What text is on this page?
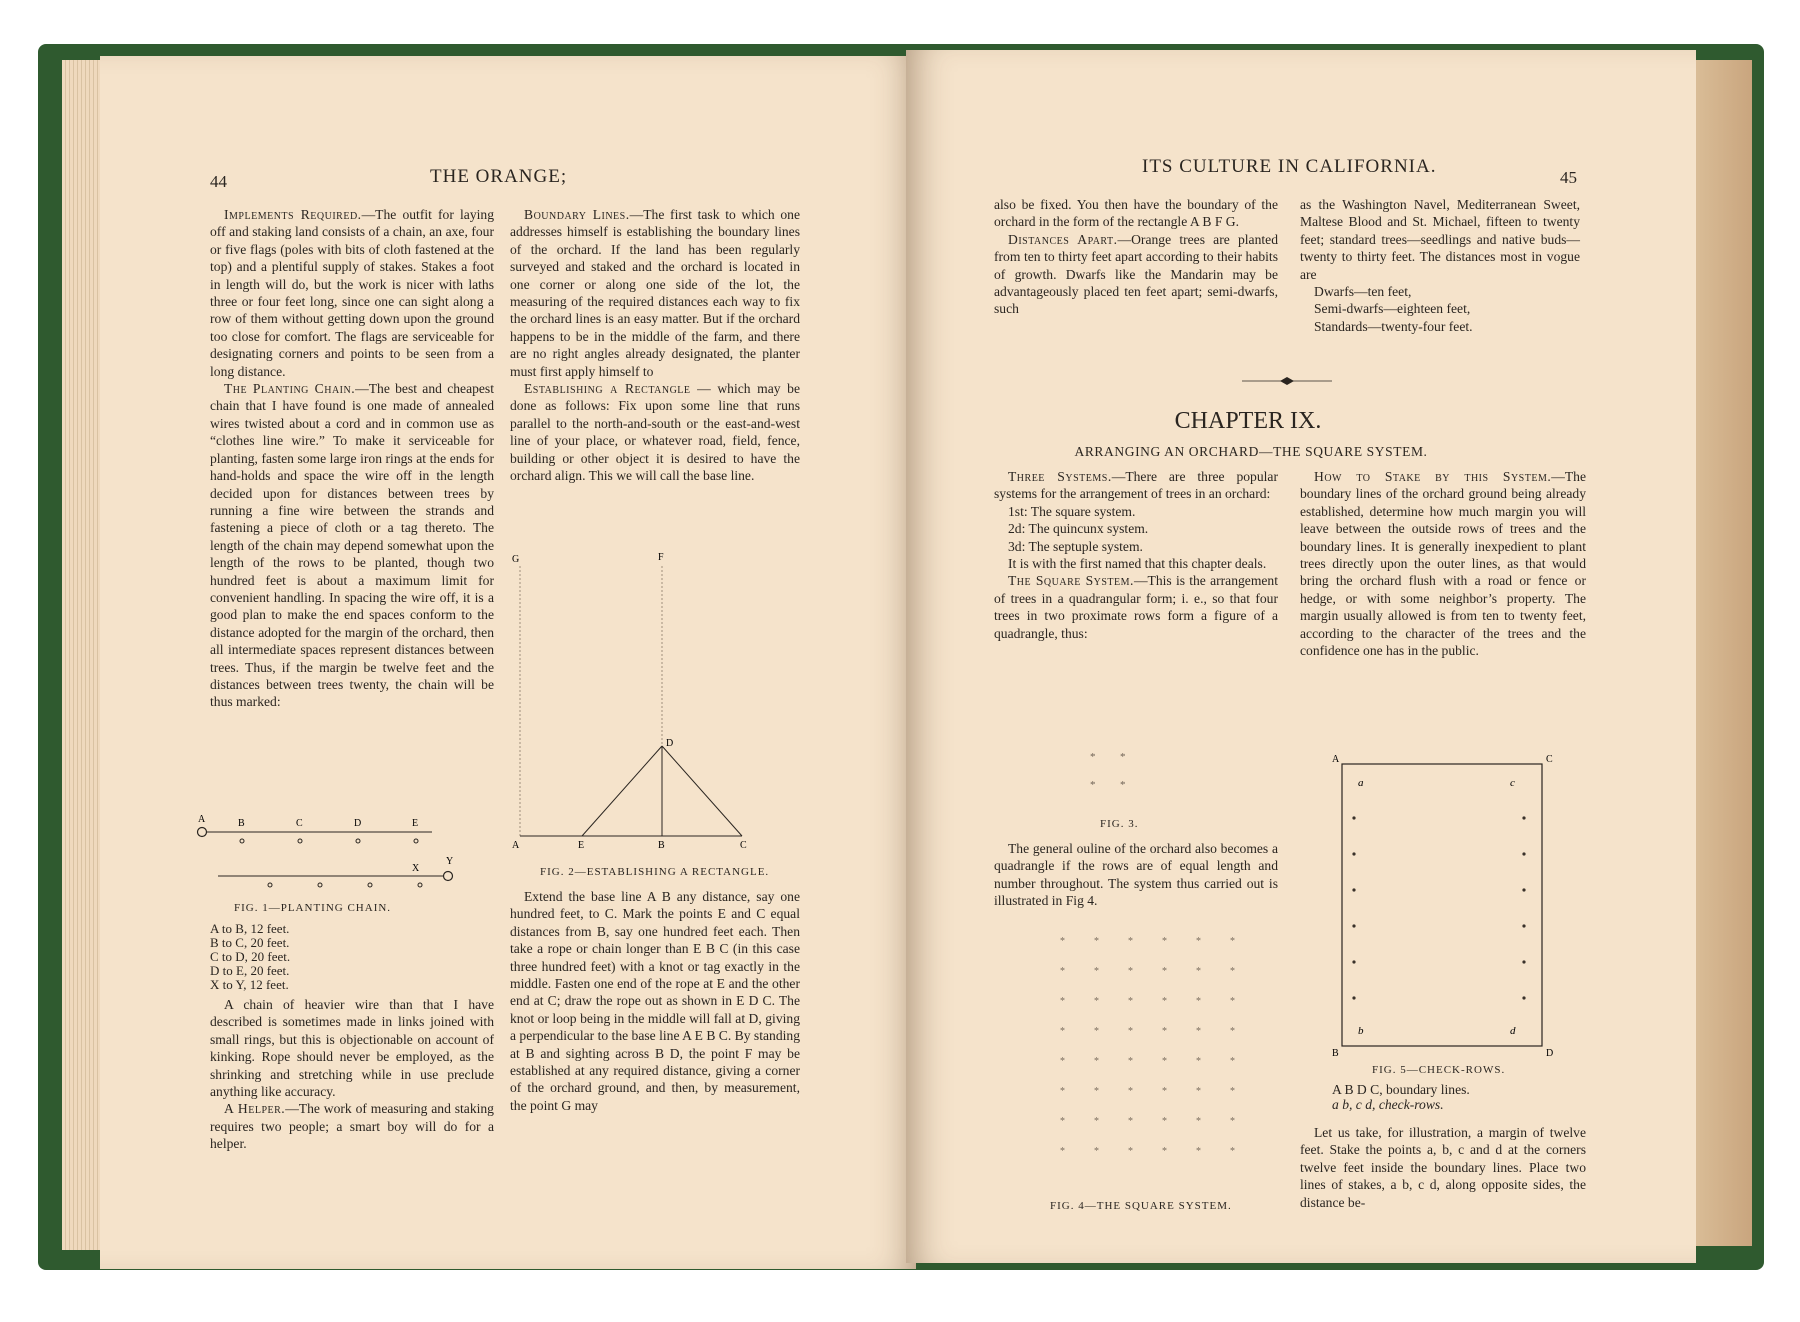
44	THE ORANGE;

Implements Required.—The outfit for laying off and staking land consists of a chain, an axe, four or five flags (poles with bits of cloth fastened at the top) and a plentiful supply of stakes. Stakes a foot in length will do, but the work is nicer with laths three or four feet long, since one can sight along a row of them without getting down upon the ground too close for comfort. The flags are serviceable for designating corners and points to be seen from a long distance.

The Planting Chain.—The best and cheapest chain that I have found is one made of annealed wires twisted about a cord and in common use as “clothes line wire.” To make it serviceable for planting, fasten some large iron rings at the ends for hand-holds and space the wire off in the length decided upon for distances between trees by running a fine wire between the strands and fastening a piece of cloth or a tag thereto. The length of the chain may depend somewhat upon the length of the rows to be planted, though two hundred feet is about a maximum limit for convenient handling. In spacing the wire off, it is a good plan to make the end spaces conform to the distance adopted for the margin of the orchard, then all intermediate spaces represent distances between trees. Thus, if the margin be twelve feet and the distances between trees twenty, the chain will be thus marked:

A	B	C	D	E
X
Y
FIG. 1—PLANTING CHAIN.
A to B, 12 feet.
B to C, 20 feet.
C to D, 20 feet.
D to E, 20 feet.
X to Y, 12 feet.

A chain of heavier wire than that I have described is sometimes made in links joined with small rings, but this is objectionable on account of kinking. Rope should never be employed, as the shrinking and stretching while in use preclude anything like accuracy.

A Helper.—The work of measuring and staking requires two people; a smart boy will do for a helper.

Boundary Lines.—The first task to which one addresses himself is establishing the boundary lines of the orchard. If the land has been regularly surveyed and staked and the orchard is located in one corner or along one side of the lot, the measuring of the required distances each way to fix the orchard lines is an easy matter. But if the orchard happens to be in the middle of the farm, and there are no right angles already designated, the planter must first apply himself to

Establishing a Rectangle — which may be done as follows: Fix upon some line that runs parallel to the north-and-south or the east-and-west line of your place, or whatever road, field, fence, building or other object it is desired to have the orchard align. This we will call the base line.

G	F
D
A	E	B	C
FIG. 2—ESTABLISHING A RECTANGLE.

Extend the base line A B any distance, say one hundred feet, to C. Mark the points E and C equal distances from B, say one hundred feet each. Then take a rope or chain longer than E B C (in this case three hundred feet) with a knot or tag exactly in the middle. Fasten one end of the rope at E and the other end at C; draw the rope out as shown in E D C. The knot or loop being in the middle will fall at D, giving a perpendicular to the base line A E B C. By standing at B and sighting across B D, the point F may be established at any required distance, giving a corner of the orchard ground, and then, by measurement, the point G may

ITS CULTURE IN CALIFORNIA.
45

also be fixed. You then have the boundary of the orchard in the form of the rectangle A B F G.

Distances Apart.—Orange trees are planted from ten to thirty feet apart according to their habits of growth. Dwarfs like the Mandarin may be advantageously placed ten feet apart; semi-dwarfs, such

as the Washington Navel, Mediterranean Sweet, Maltese Blood and St. Michael, fifteen to twenty feet; standard trees—seedlings and native buds—twenty to thirty feet. The distances most in vogue are

Dwarfs—ten feet,
Semi-dwarfs—eighteen feet,
Standards—twenty-four feet.
CHAPTER IX.
ARRANGING AN ORCHARD—THE SQUARE SYSTEM.

Three Systems.—There are three popular systems for the arrangement of trees in an orchard:

1st: The square system.
2d: The quincunx system.
3d: The septuple system.

It is with the first named that this chapter deals.

The Square System.—This is the arrangement of trees in a quadrangular form; i. e., so that four trees in two proximate rows form a figure of a quadrangle, thus:

* *
* *
FIG. 3.

The general ouline of the orchard also becomes a quadrangle if the rows are of equal length and number throughout. The system thus carried out is illustrated in Fig 4.

*	*	*	*	*	*
*	*	*	*	*	*
*	*	*	*	*	*
*	*	*	*	*	*
*	*	*	*	*	*
*	*	*	*	*	*
*	*	*	*	*	*
*	*	*	*	*	*
FIG. 4—THE SQUARE SYSTEM.

How to Stake by this System.—The boundary lines of the orchard ground being already established, determine how much margin you will leave between the outside rows of trees and the boundary lines. It is generally inexpedient to plant trees directly upon the outer lines, as that would bring the orchard flush with a road or fence or hedge, or with some neighbor’s property. The margin usually allowed is from ten to twenty feet, according to the character of the trees and the confidence one has in the public.

A	C
B	D
a	c
b	d
FIG. 5—CHECK-ROWS.
A B D C, boundary lines.
a b, c d, check-rows.

Let us take, for illustration, a margin of twelve feet. Stake the points a, b, c and d at the corners twelve feet inside the boundary lines. Place two lines of stakes, a b, c d, along opposite sides, the distance be-
